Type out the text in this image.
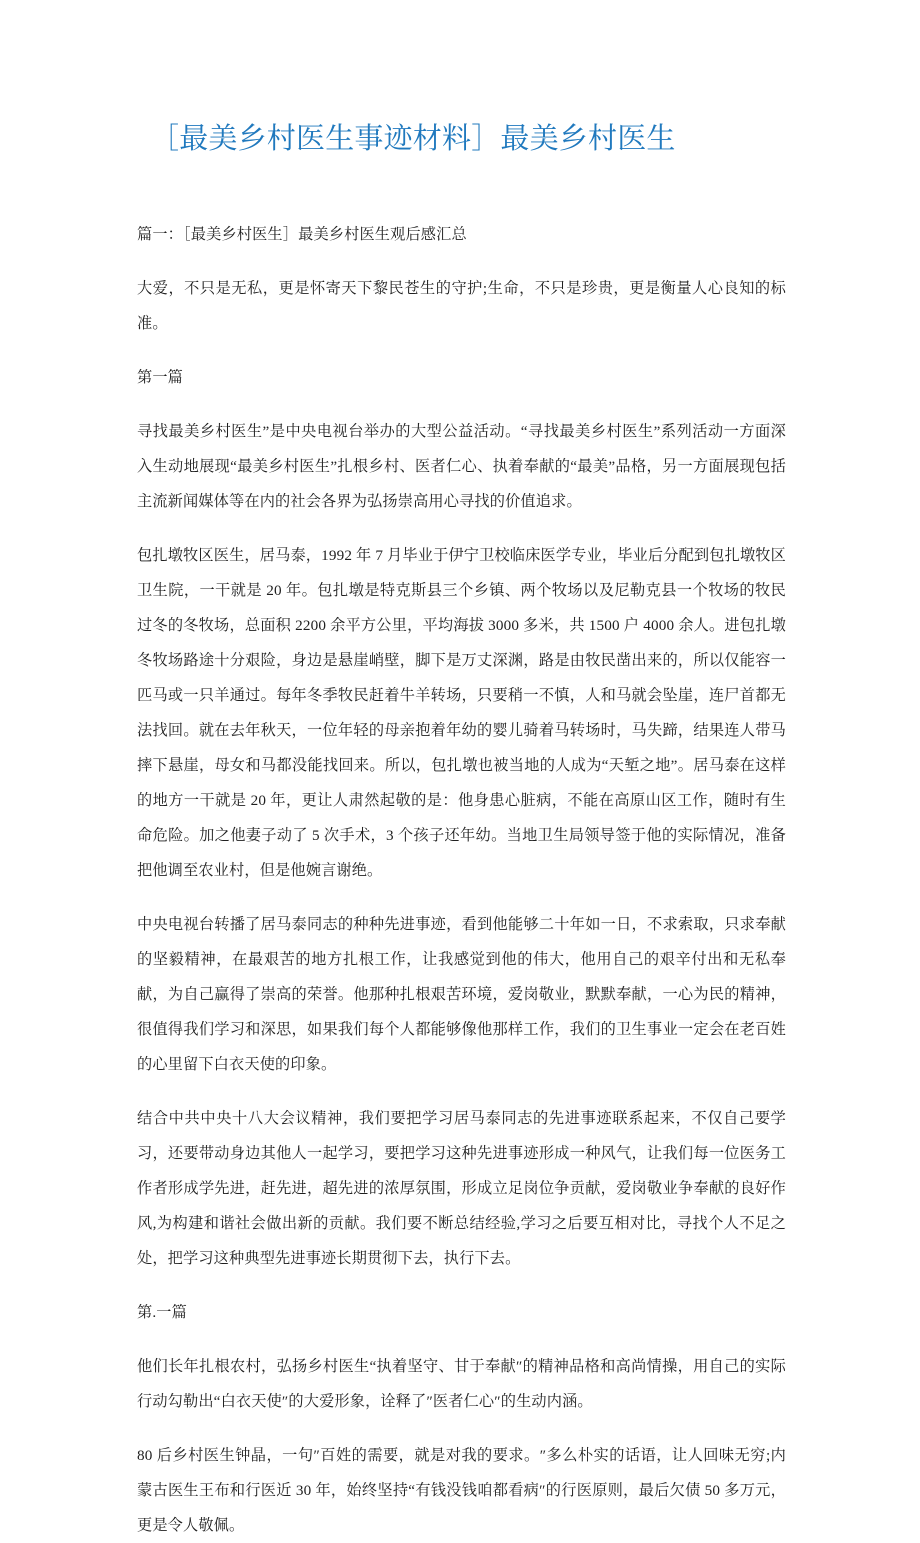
［最美乡村医生事迹材料］最美乡村医生

篇一：［最美乡村医生］最美乡村医生观后感汇总

大爱，不只是无私，更是怀寄天下黎民苍生的守护;生命，不只是珍贵，更是衡量人心良知的标准。

第一篇

寻找最美乡村医生”是中央电视台举办的大型公益活动。“寻找最美乡村医生”系列活动一方面深入生动地展现“最美乡村医生”扎根乡村、医者仁心、执着奉献的“最美”品格，另一方面展现包括主流新闻媒体等在内的社会各界为弘扬崇高用心寻找的价值追求。

包扎墩牧区医生，居马泰，1992 年 7 月毕业于伊宁卫校临床医学专业，毕业后分配到包扎墩牧区卫生院，一干就是 20 年。包扎墩是特克斯县三个乡镇、两个牧场以及尼勒克县一个牧场的牧民过冬的冬牧场，总面积 2200 余平方公里，平均海拔 3000 多米，共 1500 户 4000 余人。进包扎墩冬牧场路途十分艰险，身边是悬崖峭壁，脚下是万丈深渊，路是由牧民凿出来的，所以仅能容一匹马或一只羊通过。每年冬季牧民赶着牛羊转场，只要稍一不慎，人和马就会坠崖，连尸首都无法找回。就在去年秋天，一位年轻的母亲抱着年幼的婴儿骑着马转场时，马失蹄，结果连人带马摔下悬崖，母女和马都没能找回来。所以，包扎墩也被当地的人成为“天堑之地”。居马泰在这样的地方一干就是 20 年，更让人肃然起敬的是：他身患心脏病，不能在高原山区工作，随时有生命危险。加之他妻子动了 5 次手术，3 个孩子还年幼。当地卫生局领导签于他的实际情况，准备把他调至农业村，但是他婉言谢绝。

中央电视台转播了居马泰同志的种种先进事迹，看到他能够二十年如一日，不求索取，只求奉献的坚毅精神，在最艰苦的地方扎根工作，让我感觉到他的伟大，他用自己的艰辛付出和无私奉献，为自己赢得了崇高的荣誉。他那种扎根艰苦环境，爱岗敬业，默默奉献，一心为民的精神，很值得我们学习和深思，如果我们每个人都能够像他那样工作，我们的卫生事业一定会在老百姓的心里留下白衣天使的印象。

结合中共中央十八大会议精神，我们要把学习居马泰同志的先进事迹联系起来，不仅自己要学习，还要带动身边其他人一起学习，要把学习这种先进事迹形成一种风气，让我们每一位医务工作者形成学先进，赶先进，超先进的浓厚氛围，形成立足岗位争贡献，爱岗敬业争奉献的良好作风,为构建和谐社会做出新的贡献。我们要不断总结经验,学习之后要互相对比，寻找个人不足之处，把学习这种典型先进事迹长期贯彻下去，执行下去。

第.一篇

他们长年扎根农村，弘扬乡村医生“执着坚守、甘于奉献″的精神品格和高尚情操，用自己的实际行动勾勒出“白衣天使″的大爱形象，诠释了″医者仁心″的生动内涵。

80 后乡村医生钟晶，一句″百姓的需要，就是对我的要求。″多么朴实的话语，让人回味无穷;内蒙古医生王布和行医近 30 年，始终坚持“有钱没钱咱都看病″的行医原则，最后欠债 50 多万元，更是令人敬佩。
